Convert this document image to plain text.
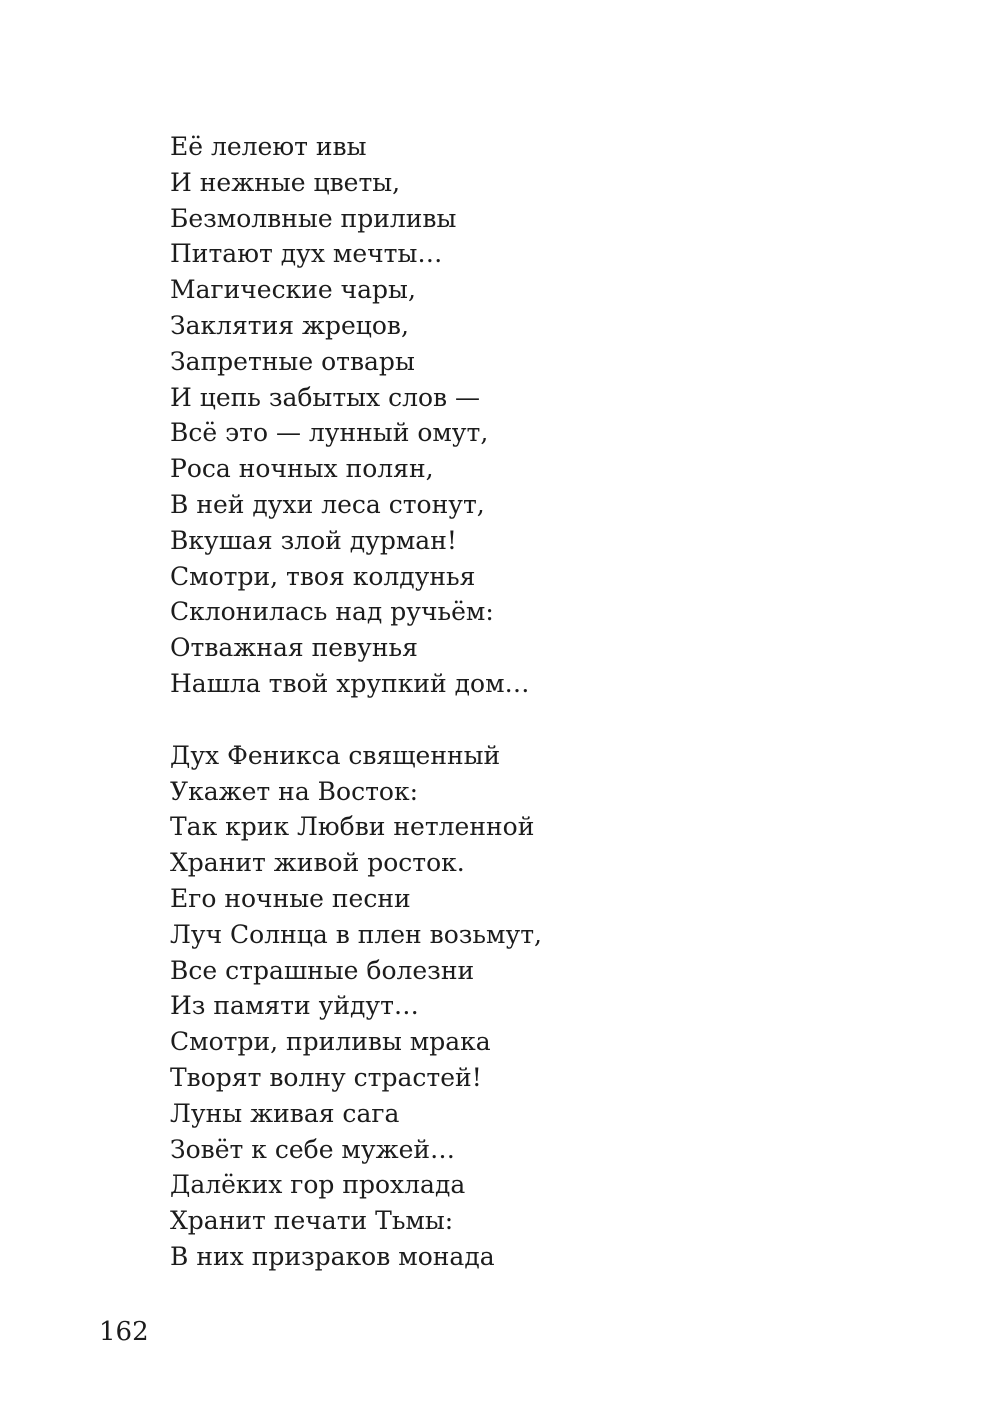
Её лелеют ивы
И нежные цветы,
Безмолвные приливы
Питают дух мечты…
Магические чары,
Заклятия жрецов,
Запретные отвары
И цепь забытых слов —
Всё это — лунный омут,
Роса ночных полян,
В ней духи леса стонут,
Вкушая злой дурман!
Смотри, твоя колдунья
Склонилась над ручьём:
Отважная певунья
Нашла твой хрупкий дом…
Дух Феникса священный
Укажет на Восток:
Так крик Любви нетленной
Хранит живой росток.
Его ночные песни
Луч Солнца в плен возьмут,
Все страшные болезни
Из памяти уйдут…
Смотри, приливы мрака
Творят волну страстей!
Луны живая сага
Зовёт к себе мужей…
Далёких гор прохлада
Хранит печати Тьмы:
В них призраков монада
162
